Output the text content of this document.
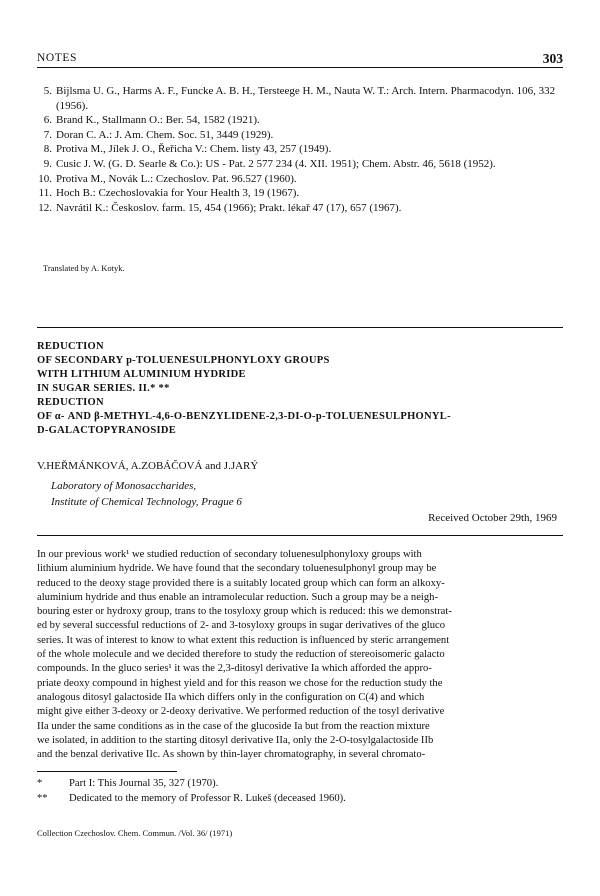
NOTES	303
5. Bijlsma U. G., Harms A. F., Funcke A. B. H., Tersteege H. M., Nauta W. T.: Arch. Intern. Pharmacodyn. 106, 332 (1956).
6. Brand K., Stallmann O.: Ber. 54, 1582 (1921).
7. Doran C. A.: J. Am. Chem. Soc. 51, 3449 (1929).
8. Protiva M., Jílek J. O., Řeřicha V.: Chem. listy 43, 257 (1949).
9. Cusic J. W. (G. D. Searle & Co.): US - Pat. 2 577 234 (4. XII. 1951); Chem. Abstr. 46, 5618 (1952).
10. Protiva M., Novák L.: Czechoslov. Pat. 96.527 (1960).
11. Hoch B.: Czechoslovakia for Your Health 3, 19 (1967).
12. Navrátil K.: Českoslov. farm. 15, 454 (1966); Prakt. lékař 47 (17), 657 (1967).
Translated by A. Kotyk.
REDUCTION
OF SECONDARY p-TOLUENESULPHONYLOXY GROUPS
WITH LITHIUM ALUMINIUM HYDRIDE
IN SUGAR SERIES. II.* **
REDUCTION
OF α- AND β-METHYL-4,6-O-BENZYLIDENE-2,3-DI-O-p-TOLUENESULPHONYL-
D-GALACTOPYRANOSIDE
V.HEŘMÁNKOVÁ, A.ZOBÁČOVÁ and J.JARÝ
Laboratory of Monosaccharides,
Institute of Chemical Technology, Prague 6
Received October 29th, 1969
In our previous work¹ we studied reduction of secondary toluenesulphonyloxy groups with
lithium aluminium hydride. We have found that the secondary toluenesulphonyl group may be
reduced to the deoxy stage provided there is a suitably located group which can form an alkoxy-
aluminium hydride and thus enable an intramolecular reduction. Such a group may be a neigh-
bouring ester or hydroxy group, trans to the tosyloxy group which is reduced: this we demonstrat-
ed by several successful reductions of 2- and 3-tosyloxy groups in sugar derivatives of the gluco
series. It was of interest to know to what extent this reduction is influenced by steric arrangement
of the whole molecule and we decided therefore to study the reduction of stereoisomeric galacto
compounds. In the gluco series¹ it was the 2,3-ditosyl derivative Ia which afforded the appro-
priate deoxy compound in highest yield and for this reason we chose for the reduction study the
analogous ditosyl galactoside IIa which differs only in the configuration on C(4) and which
might give either 3-deoxy or 2-deoxy derivative. We performed reduction of the tosyl derivative
IIa under the same conditions as in the case of the glucoside Ia but from the reaction mixture
we isolated, in addition to the starting ditosyl derivative IIa, only the 2-O-tosylgalactoside IIb
and the benzal derivative IIc. As shown by thin-layer chromatography, in several chromato-
*	Part I: This Journal 35, 327 (1970).
** Dedicated to the memory of Professor R. Lukeš (deceased 1960).
Collection Czechoslov. Chem. Commun. /Vol. 36/ (1971)
